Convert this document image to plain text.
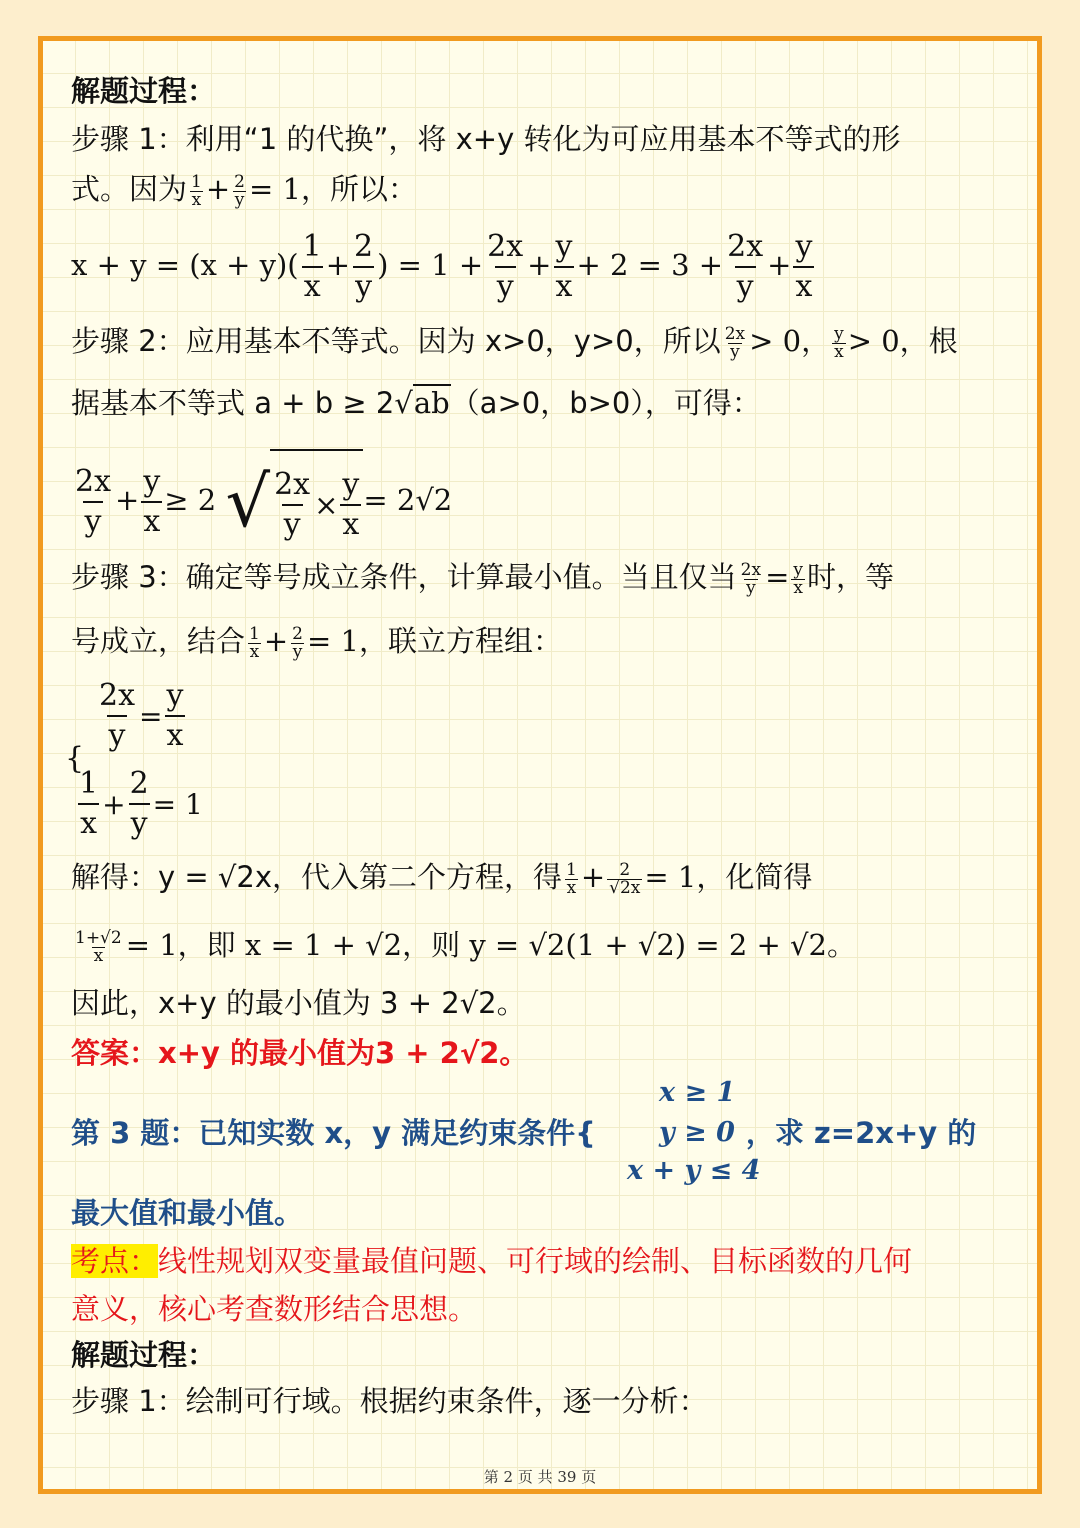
解题过程：
步骤 1：利用“1 的代换”，将 x+y 转化为可应用基本不等式的形
式。因为 $\frac{1}{x} + \frac{2}{y} = 1$，所以：
$x + y = (x + y)( \frac{1}{x} + \frac{2}{y}$ ) = $1 + \frac{2x}{y} + \frac{y}{x} + 2 = 3 + \frac{2x}{y} + \frac{y}{x}$
步骤 2：应用基本不等式。因为 x>0，y>0，所以 $\frac{2x}{y} > 0$， $\frac{y}{x} > 0$，根
据基本不等式 a + b ≥ 2√ab（a>0，b>0），可得：
$\frac{2x}{y} + \frac{y}{x} \ge 2$ √ $\frac{2x}{y} \times \frac{y}{x} = 2√2$
步骤 3：确定等号成立条件，计算最小值。当且仅当 $\frac{2x}{y} = \frac{y}{x}$ 时，等
号成立，结合 $\frac{1}{x} + \frac{2}{y} = 1$，联立方程组：
{
$\frac{2x}{y} = \frac{y}{x}$
$\frac{1}{x} + \frac{2}{y} = 1$
解得：y = √2x，代入第二个方程，得 $\frac{1}{x} + \frac{2}{√2x} = 1$，化简得
$\frac{1+√2}{x} = 1$，即 x = 1 + √2，则 y = √2(1 + √2) = 2 + √2。
因此，x+y 的最小值为 3 + 2√2。
答案：x+y 的最小值为3 + 2√2。
第 3 题：已知实数 x，y 满足约束条件{	，求 z=2x+y 的
x ≥ 1
y ≥ 0
x + y ≤ 4
最大值和最小值。
考点：线性规划双变量最值问题、可行域的绘制、目标函数的几何
意义，核心考查数形结合思想。
解题过程：
步骤 1：绘制可行域。根据约束条件，逐一分析：
第 2 页 共 39 页
